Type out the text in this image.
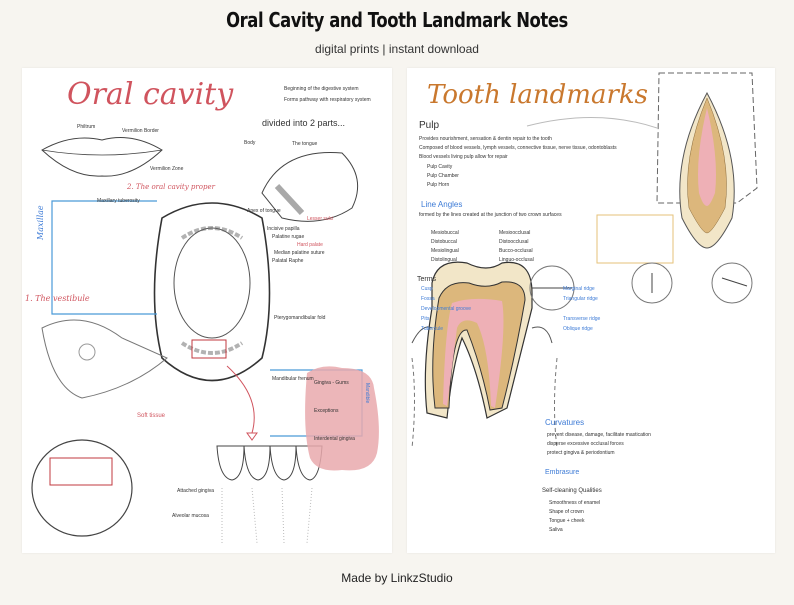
Oral Cavity and Tooth Landmark Notes
digital prints | instant download
Oral cavity	Beginning of the digestive system
Forms pathway with respiratory system
divided into 2 parts...
Philtrum
Vermilion Border
Vermilion Zone
Body	The tongue
Apex of tongue
Lesser sulci
2. The oral cavity proper
1. The vestibule
Maxillae
Mandible
Soft tissue
Incisive papilla
Palatine rugae
Hard palate
Palatal Raphe
Median palatine suture
Maxillary tuberosity
Pterygomandibular fold
Mandibular frenum
Attached gingiva
Alveolar mucosa
Gingiva - Gums
Exceptions
Interdental gingiva
Tooth landmarks
Pulp
Provides nourishment, sensation & dentin repair to the tooth
Composed of blood vessels, lymph vessels, connective tissue, nerve tissue, odontoblasts
Blood vessels living pulp allow for repair
Pulp Cavity
Pulp Chamber
Pulp Horn
Line Angles
formed by the lines created at the junction of two crown surfaces
Mesiobuccal
Distobuccal
Mesiolingual
Distolingual
Mesioocclusal
Distoocclusal
Bucco-occlusal
Linguo-occlusal
Terms
Cusp
Fossa
Developmental groove
Pits
Tubercule
Marginal ridge
Triangular ridge
Transverse ridge
Oblique ridge
Curvatures
prevent disease, damage, facilitate mastication
disperse excessive occlusal forces
protect gingiva & periodontium
Embrasure
Self-cleaning Qualities
Smoothness of enamel
Shape of crown
Tongue + cheek
Saliva
Made by LinkzStudio
